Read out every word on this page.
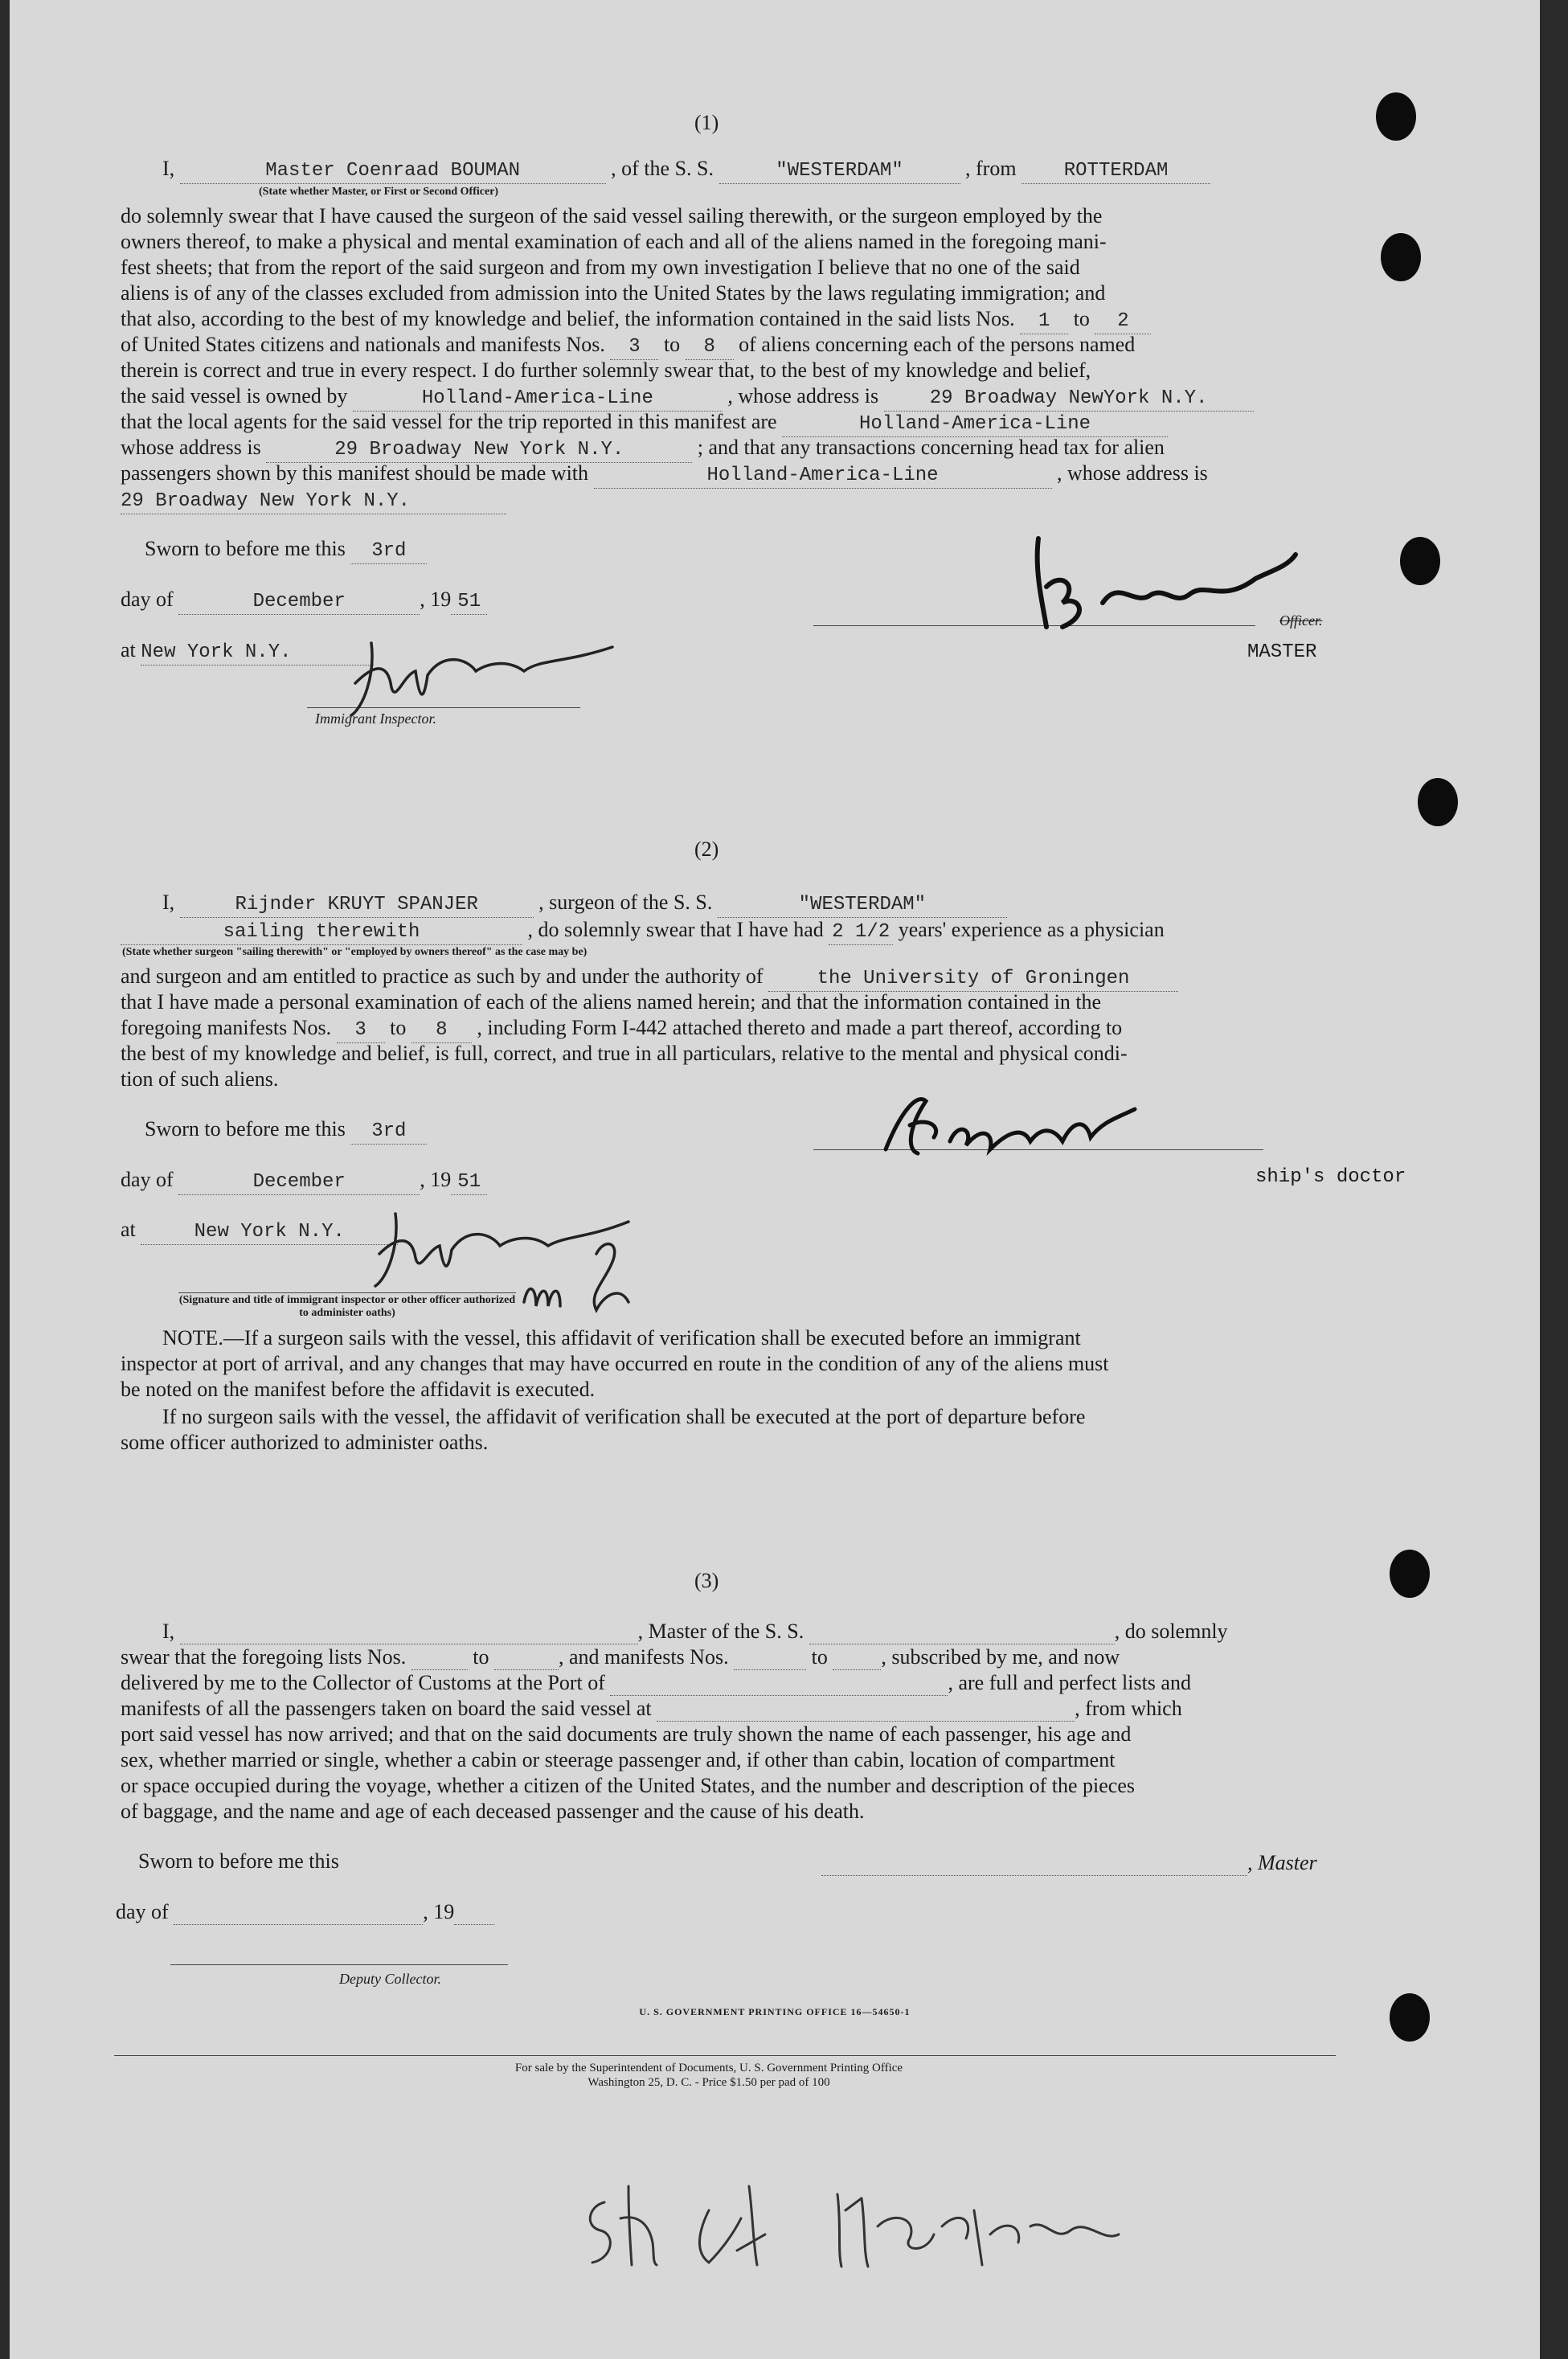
(1)
I,	Master Coenraad BOUMAN	, of the S. S.	"WESTERDAM"	, from ROTTERDAM
(State whether Master, or First or Second Officer)
do solemnly swear that I have caused the surgeon of the said vessel sailing therewith, or the surgeon employed by the
owners thereof, to make a physical and mental examination of each and all of the aliens named in the foregoing mani-
fest sheets; that from the report of the said surgeon and from my own investigation I believe that no one of the said
aliens is of any of the classes excluded from admission into the United States by the laws regulating immigration; and
that also, according to the best of my knowledge and belief, the information contained in the said lists Nos. 1 to 2
of United States citizens and nationals and manifests Nos. 3 to 8 of aliens concerning each of the persons named
therein is correct and true in every respect. I do further solemnly swear that, to the best of my knowledge and belief,
the said vessel is owned by	Holland-America-Line	, whose address is	29 Broadway NewYork N.Y.
that the local agents for the said vessel for the trip reported in this manifest are	Holland-America-Line
whose address is	29 Broadway New York N.Y.	; and that any transactions concerning head tax for alien
passengers shown by this manifest should be made with	Holland-America-Line	, whose address is
29 Broadway New York N.Y.
Sworn to before me this 3rd
day of	December	, 19 51
at New York N.Y.
Immigrant Inspector.
Officer.
MASTER
(2)
I,	Rijnder KRUYT SPANJER	, surgeon of the S. S.	"WESTERDAM"
sailing therewith	, do solemnly swear that I have had 2 1/2 years' experience as a physician
(State whether surgeon "sailing therewith" or "employed by owners thereof" as the case may be)
and surgeon and am entitled to practice as such by and under the authority of	the University of Groningen
that I have made a personal examination of each of the aliens named herein; and that the information contained in the
foregoing manifests Nos. 3 to 8 , including Form I-442 attached thereto and made a part thereof, according to
the best of my knowledge and belief, is full, correct, and true in all particulars, relative to the mental and physical condi-
tion of such aliens.
Sworn to before me this 3rd
day of	December	, 19 51
at	New York N.Y.
(Signature and title of immigrant inspector or other officer authorized to administer oaths)
ship's doctor
NOTE.—If a surgeon sails with the vessel, this affidavit of verification shall be executed before an immigrant
inspector at port of arrival, and any changes that may have occurred en route in the condition of any of the aliens must
be noted on the manifest before the affidavit is executed.
If no surgeon sails with the vessel, the affidavit of verification shall be executed at the port of departure before
some officer authorized to administer oaths.
(3)
I,	, Master of the S. S.	, do solemnly
swear that the foregoing lists Nos.	to	, and manifests Nos.	to	, subscribed by me, and now
delivered by me to the Collector of Customs at the Port of	, are full and perfect lists and
manifests of all the passengers taken on board the said vessel at	, from which
port said vessel has now arrived; and that on the said documents are truly shown the name of each passenger, his age and
sex, whether married or single, whether a cabin or steerage passenger and, if other than cabin, location of compartment
or space occupied during the voyage, whether a citizen of the United States, and the number and description of the pieces
of baggage, and the name and age of each deceased passenger and the cause of his death.
Sworn to before me this	, Master
day of	, 19
Deputy Collector.
U. S. GOVERNMENT PRINTING OFFICE 16—54650-1
For sale by the Superintendent of Documents, U. S. Government Printing Office
Washington 25, D. C. - Price $1.50 per pad of 100
